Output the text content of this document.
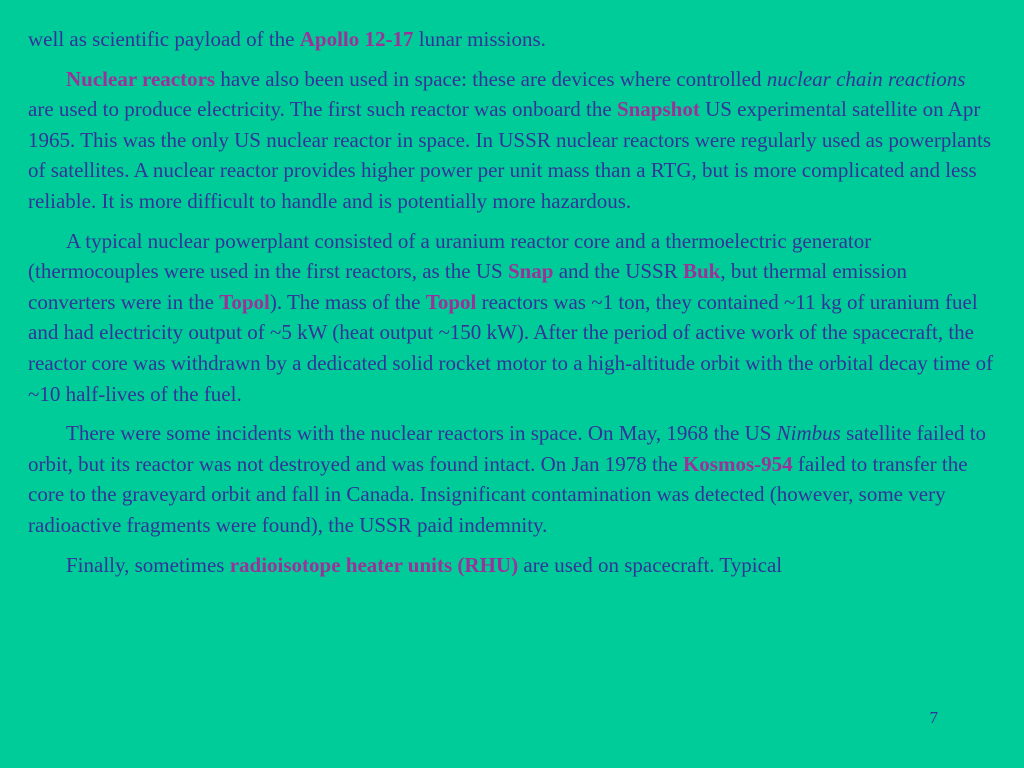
well as scientific payload of the Apollo 12-17 lunar missions.

Nuclear reactors have also been used in space: these are devices where controlled nuclear chain reactions are used to produce electricity. The first such reactor was onboard the Snapshot US experimental satellite on Apr 1965. This was the only US nuclear reactor in space. In USSR nuclear reactors were regularly used as powerplants of satellites. A nuclear reactor provides higher power per unit mass than a RTG, but is more complicated and less reliable. It is more difficult to handle and is potentially more hazardous.

A typical nuclear powerplant consisted of a uranium reactor core and a thermoelectric generator (thermocouples were used in the first reactors, as the US Snap and the USSR Buk, but thermal emission converters were in the Topol). The mass of the Topol reactors was ~1 ton, they contained ~11 kg of uranium fuel and had electricity output of ~5 kW (heat output ~150 kW). After the period of active work of the spacecraft, the reactor core was withdrawn by a dedicated solid rocket motor to a high-altitude orbit with the orbital decay time of ~10 half-lives of the fuel.

There were some incidents with the nuclear reactors in space. On May, 1968 the US Nimbus satellite failed to orbit, but its reactor was not destroyed and was found intact. On Jan 1978 the Kosmos-954 failed to transfer the core to the graveyard orbit and fall in Canada. Insignificant contamination was detected (however, some very radioactive fragments were found), the USSR paid indemnity.

Finally, sometimes radioisotope heater units (RHU) are used on spacecraft. Typical

7
